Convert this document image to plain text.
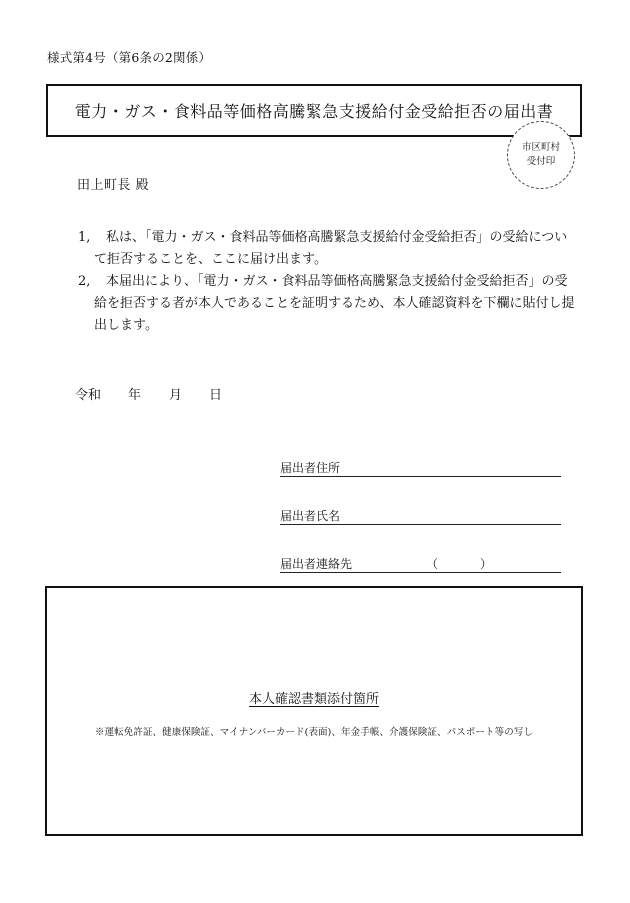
様式第4号（第6条の2関係）
電力・ガス・食料品等価格高騰緊急支援給付金受給拒否の届出書
市区町村
受付印
田上町長 殿
1,	私は、「電力・ガス・食料品等価格高騰緊急支援給付金受給拒否」の受給について拒否することを、ここに届け出ます。
2,	本届出により、「電力・ガス・食料品等価格高騰緊急支援給付金受給拒否」の受給を拒否する者が本人であることを証明するため、本人確認資料を下欄に貼付し提出します。
令和 年 月 日
届出者住所
届出者氏名
届出者連絡先	（	）
本人確認書類添付箇所
※運転免許証、健康保険証、マイナンバーカード(表面)、年金手帳、介護保険証、パスポート等の写し
